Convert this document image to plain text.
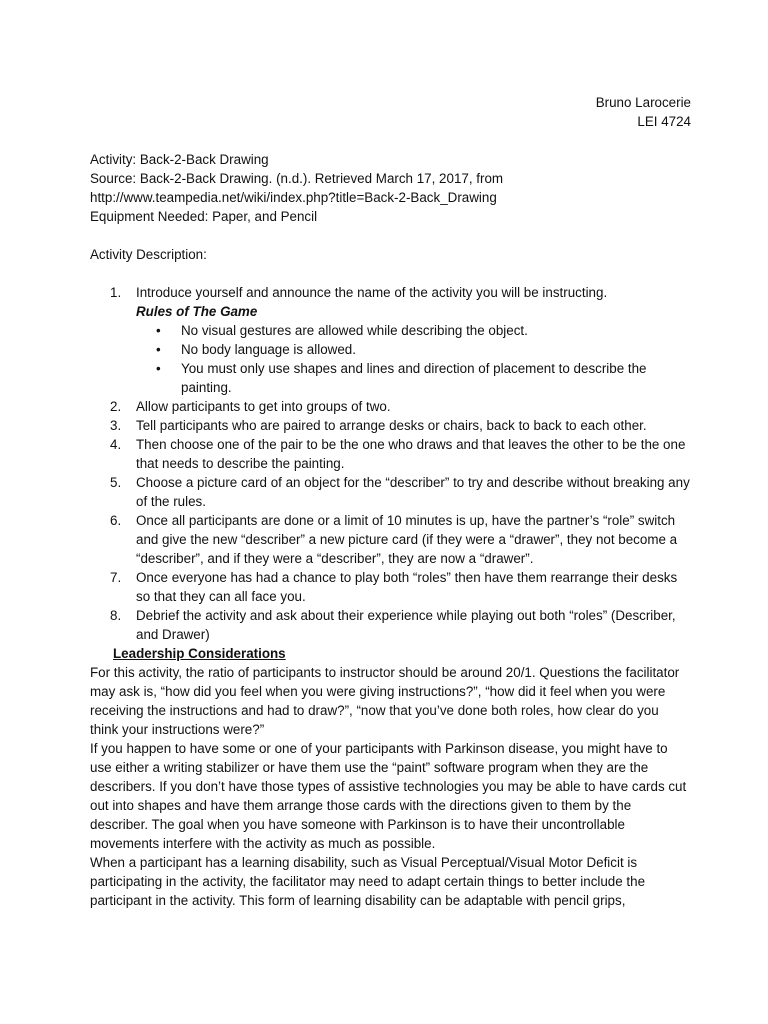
Bruno Larocerie
LEI 4724
Activity: Back-2-Back Drawing
Source: Back-2-Back Drawing. (n.d.). Retrieved March 17, 2017, from
http://www.teampedia.net/wiki/index.php?title=Back-2-Back_Drawing
Equipment Needed: Paper, and Pencil
Activity Description:
1. Introduce yourself and announce the name of the activity you will be instructing.
Rules of The Game
• No visual gestures are allowed while describing the object.
• No body language is allowed.
• You must only use shapes and lines and direction of placement to describe the painting.
2. Allow participants to get into groups of two.
3. Tell participants who are paired to arrange desks or chairs, back to back to each other.
4. Then choose one of the pair to be the one who draws and that leaves the other to be the one that needs to describe the painting.
5. Choose a picture card of an object for the “describer” to try and describe without breaking any of the rules.
6. Once all participants are done or a limit of 10 minutes is up, have the partner’s “role” switch and give the new “describer” a new picture card (if they were a “drawer”, they not become a “describer”, and if they were a “describer”, they are now a “drawer”.
7. Once everyone has had a chance to play both “roles” then have them rearrange their desks so that they can all face you.
8. Debrief the activity and ask about their experience while playing out both “roles” (Describer, and Drawer)
Leadership Considerations

For this activity, the ratio of participants to instructor should be around 20/1. Questions the facilitator may ask is, “how did you feel when you were giving instructions?”, “how did it feel when you were receiving the instructions and had to draw?”, “now that you’ve done both roles, how clear do you think your instructions were?”

If you happen to have some or one of your participants with Parkinson disease, you might have to use either a writing stabilizer or have them use the “paint” software program when they are the describers. If you don’t have those types of assistive technologies you may be able to have cards cut out into shapes and have them arrange those cards with the directions given to them by the describer. The goal when you have someone with Parkinson is to have their uncontrollable movements interfere with the activity as much as possible.

When a participant has a learning disability, such as Visual Perceptual/Visual Motor Deficit is participating in the activity, the facilitator may need to adapt certain things to better include the participant in the activity. This form of learning disability can be adaptable with pencil grips,
